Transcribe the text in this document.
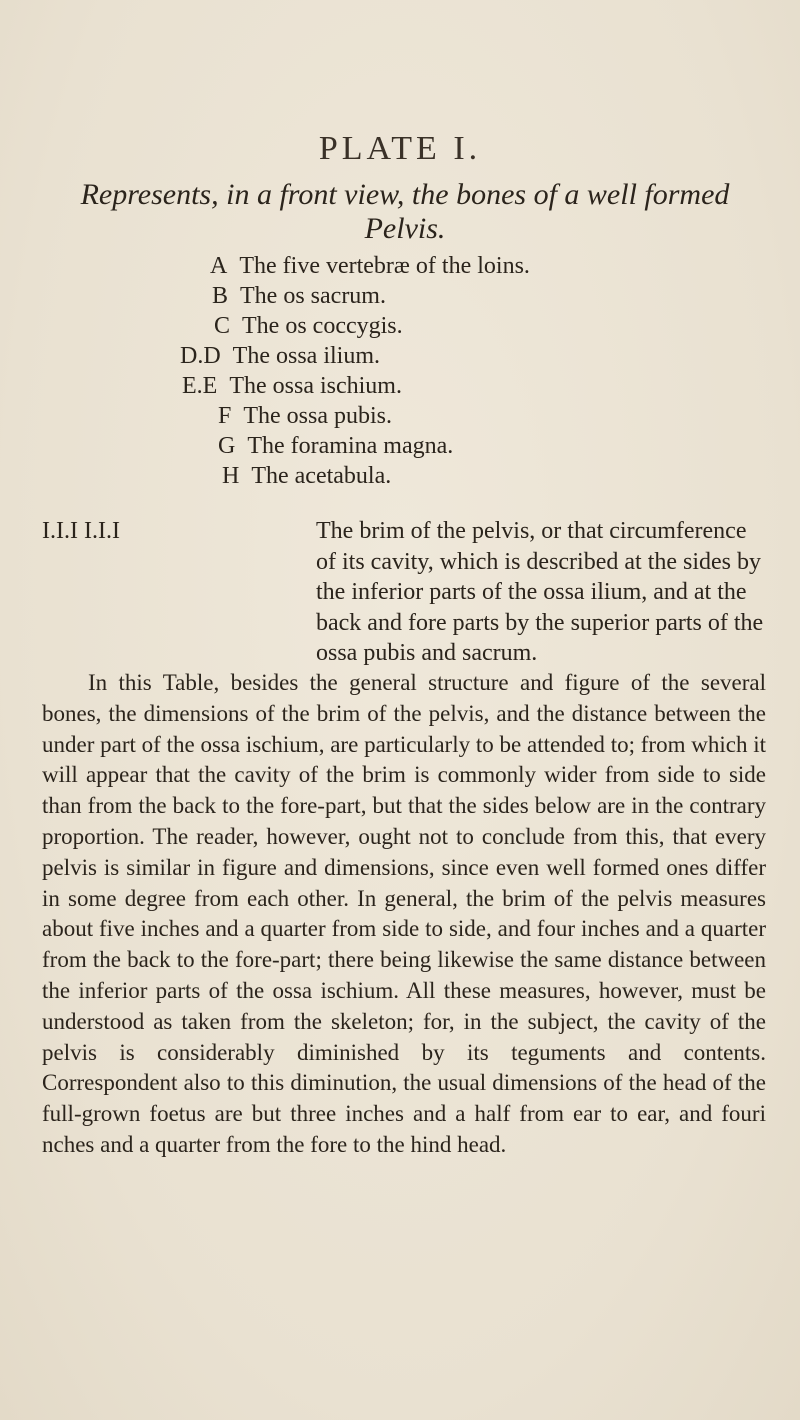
PLATE I.
Represents, in a front view, the bones of a well formed Pelvis.
A The five vertebræ of the loins.
B The os sacrum.
C The os coccygis.
D.D The ossa ilium.
E.E The ossa ischium.
F The ossa pubis.
G The foramina magna.
H The acetabula.
I.I.I I.I.I	The brim of the pelvis, or that circumference of its cavity, which is described at the sides by the inferior parts of the ossa ilium, and at the back and fore parts by the superior parts of the ossa pubis and sacrum.
In this Table, besides the general structure and figure of the several bones, the dimensions of the brim of the pelvis, and the distance between the under part of the ossa ischium, are particularly to be attended to; from which it will appear that the cavity of the brim is commonly wider from side to side than from the back to the fore-part, but that the sides below are in the contrary proportion. The reader, however, ought not to conclude from this, that every pelvis is similar in figure and dimensions, since even well formed ones differ in some degree from each other. In general, the brim of the pelvis measures about five inches and a quarter from side to side, and four inches and a quarter from the back to the fore-part; there being likewise the same distance between the inferior parts of the ossa ischium. All these measures, however, must be understood as taken from the skeleton; for, in the subject, the cavity of the pelvis is considerably diminished by its teguments and contents. Correspondent also to this diminution, the usual dimensions of the head of the full-grown foetus are but three inches and a half from ear to ear, and fouri nches and a quarter from the fore to the hind head.
